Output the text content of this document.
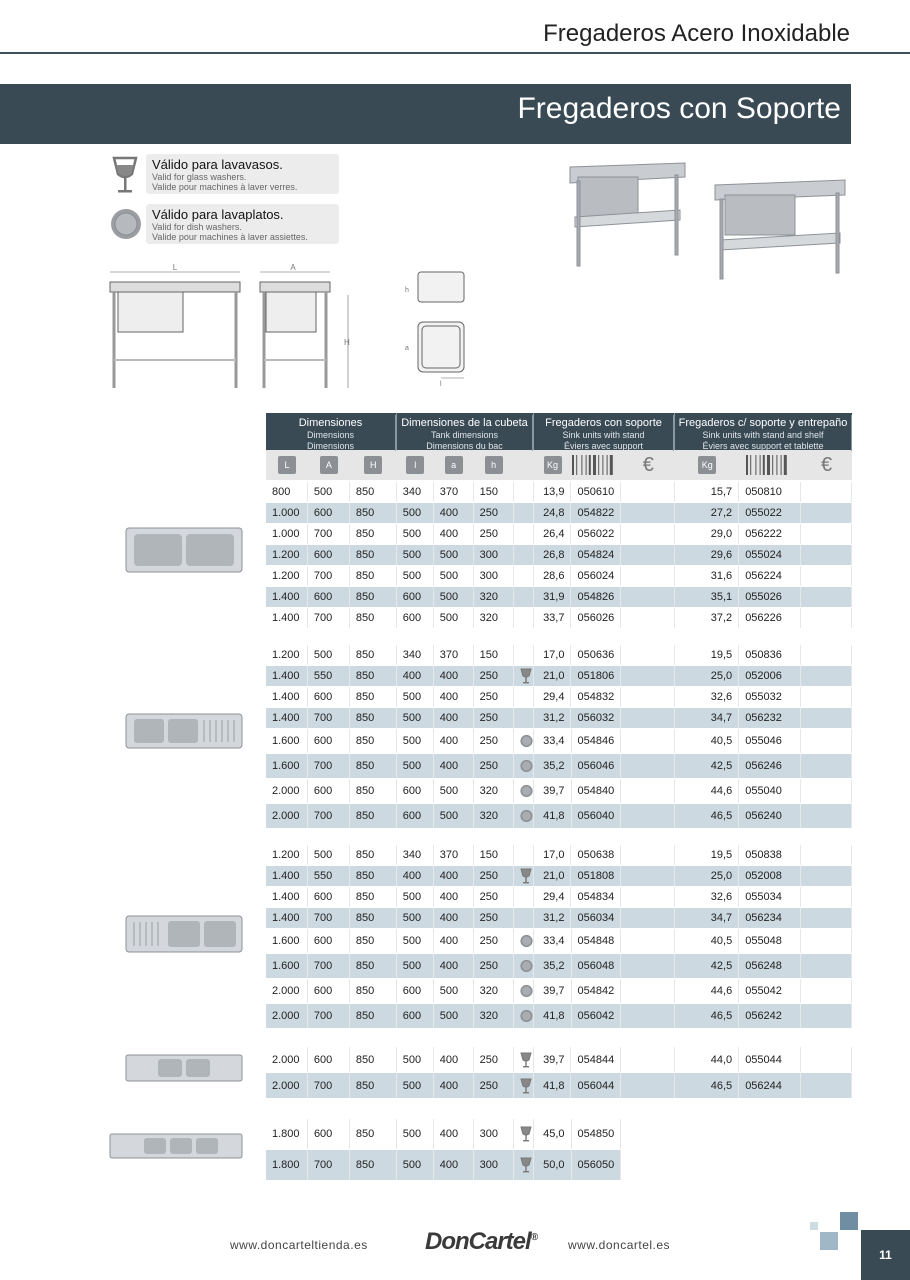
Fregaderos Acero Inoxidable
Fregaderos con Soporte
Válido para lavavasos.
Valid for glass washers.
Valide pour machines à laver verres.
Válido para lavaplatos.
Valid for dish washers.
Valide pour machines à laver assiettes.
L	A
H
h
a
l
Dimensiones
Dimensions
Dimensions
Dimensiones de la cubeta
Tank dimensions
Dimensions du bac
Fregaderos con soporte
Sink units with stand
Éviers avec support
Fregaderos c/ soporte y entrepaño
Sink units with stand and shelf
Éviers avec support et tablette
L	A	H	l	a	h	Kg	€	Kg	€
800	500	850	340	370	150	13,9	050610	15,7	050810
1.000	600	850	500	400	250	24,8	054822	27,2	055022
1.000	700	850	500	400	250	26,4	056022	29,0	056222
1.200	600	850	500	500	300	26,8	054824	29,6	055024
1.200	700	850	500	500	300	28,6	056024	31,6	056224
1.400	600	850	600	500	320	31,9	054826	35,1	055026
1.400	700	850	600	500	320	33,7	056026	37,2	056226
1.200	500	850	340	370	150	17,0	050636	19,5	050836
1.400	550	850	400	400	250	21,0	051806	25,0	052006
1.400	600	850	500	400	250	29,4	054832	32,6	055032
1.400	700	850	500	400	250	31,2	056032	34,7	056232
1.600	600	850	500	400	250	33,4	054846	40,5	055046
1.600	700	850	500	400	250	35,2	056046	42,5	056246
2.000	600	850	600	500	320	39,7	054840	44,6	055040
2.000	700	850	600	500	320	41,8	056040	46,5	056240
1.200	500	850	340	370	150	17,0	050638	19,5	050838
1.400	550	850	400	400	250	21,0	051808	25,0	052008
1.400	600	850	500	400	250	29,4	054834	32,6	055034
1.400	700	850	500	400	250	31,2	056034	34,7	056234
1.600	600	850	500	400	250	33,4	054848	40,5	055048
1.600	700	850	500	400	250	35,2	056048	42,5	056248
2.000	600	850	600	500	320	39,7	054842	44,6	055042
2.000	700	850	600	500	320	41,8	056042	46,5	056242
2.000	600	850	500	400	250	39,7	054844	44,0	055044
2.000	700	850	500	400	250	41,8	056044	46,5	056244
1.800	600	850	500	400	300	45,0	054850
1.800	700	850	500	400	300	50,0	056050
www.doncarteltienda.es DonCartel®
www.doncartel.es
11
